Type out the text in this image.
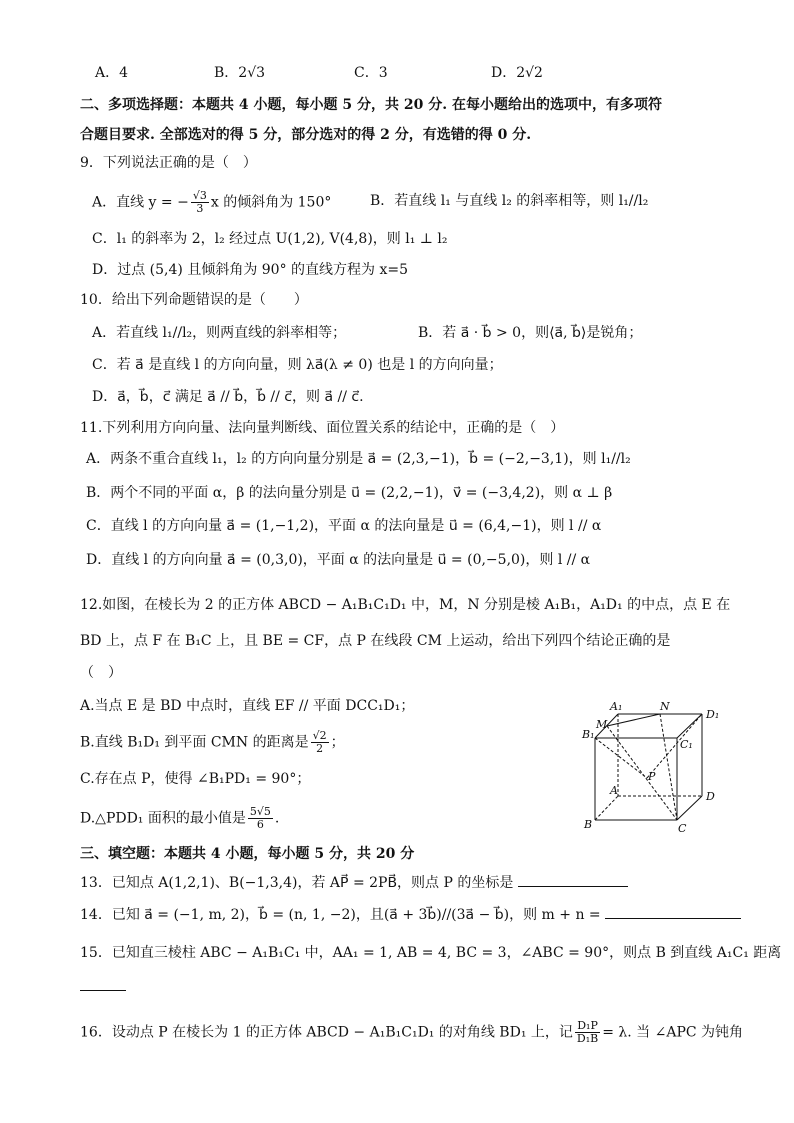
A．4	B．2√3	C．3	D．2√2
二、多项选择题：本题共 4 小题，每小题 5 分，共 20 分. 在每小题给出的选项中，有多项符
合题目要求. 全部选对的得 5 分，部分选对的得 2 分，有选错的得 0 分.
9．下列说法正确的是（　）
A．直线 y = − $\frac{√3}{3}$ x 的倾斜角为 150°	B．若直线 l₁ 与直线 l₂ 的斜率相等，则 l₁//l₂
C．l₁ 的斜率为 2，l₂ 经过点 U(1,2), V(4,8)，则 l₁ ⊥ l₂
D．过点 (5,4) 且倾斜角为 90° 的直线方程为 x=5
10．给出下列命题错误的是（　　）
A．若直线 l₁//l₂，则两直线的斜率相等；	B．若 a⃗ · b⃗ > 0，则⟨a⃗, b⃗⟩是锐角；
C．若 a⃗ 是直线 l 的方向向量，则 λa⃗(λ ≠ 0) 也是 l 的方向向量；
D．a⃗，b⃗，c⃗ 满足 a⃗ // b⃗，b⃗ // c⃗，则 a⃗ // c⃗.
11.下列利用方向向量、法向量判断线、面位置关系的结论中，正确的是（　）
A．两条不重合直线 l₁，l₂ 的方向向量分别是 a⃗ = (2,3,−1)，b⃗ = (−2,−3,1)，则 l₁//l₂
B．两个不同的平面 α，β 的法向量分别是 u⃗ = (2,2,−1)，v⃗ = (−3,4,2)，则 α ⊥ β
C．直线 l 的方向向量 a⃗ = (1,−1,2)，平面 α 的法向量是 u⃗ = (6,4,−1)，则 l // α
D．直线 l 的方向向量 a⃗ = (0,3,0)，平面 α 的法向量是 u⃗ = (0,−5,0)，则 l // α
12.如图，在棱长为 2 的正方体 ABCD − A₁B₁C₁D₁ 中，M，N 分别是棱 A₁B₁，A₁D₁ 的中点，点 E 在
BD 上，点 F 在 B₁C 上，且 BE = CF，点 P 在线段 CM 上运动，给出下列四个结论正确的是
（　）
A.当点 E 是 BD 中点时，直线 EF // 平面 DCC₁D₁；
B.直线 B₁D₁ 到平面 CMN 的距离是 $\frac{√2}{2}$ ；
C.存在点 P，使得 ∠B₁PD₁ = 90°；
D.△PDD₁ 面积的最小值是 $\frac{5√5}{6}$ .
B₁
A₁
M
N
D₁
C₁
P
A	D
B	C
三、填空题：本题共 4 小题，每小题 5 分，共 20 分
13．已知点 A(1,2,1)、B(−1,3,4)，若 AP⃗ = 2PB⃗，则点 P 的坐标是
14．已知 a⃗ = (−1, m, 2)，b⃗ = (n, 1, −2)，且(a⃗ + 3b⃗)//(3a⃗ − b⃗)，则 m + n =
15．已知直三棱柱 ABC − A₁B₁C₁ 中，AA₁ = 1, AB = 4, BC = 3，∠ABC = 90°，则点 B 到直线 A₁C₁ 距离
16．设动点 P 在棱长为 1 的正方体 ABCD − A₁B₁C₁D₁ 的对角线 BD₁ 上，记 $\frac{\text{D₁P}}{\text{D₁B}} = \lambda$. 当 ∠APC 为钝角
